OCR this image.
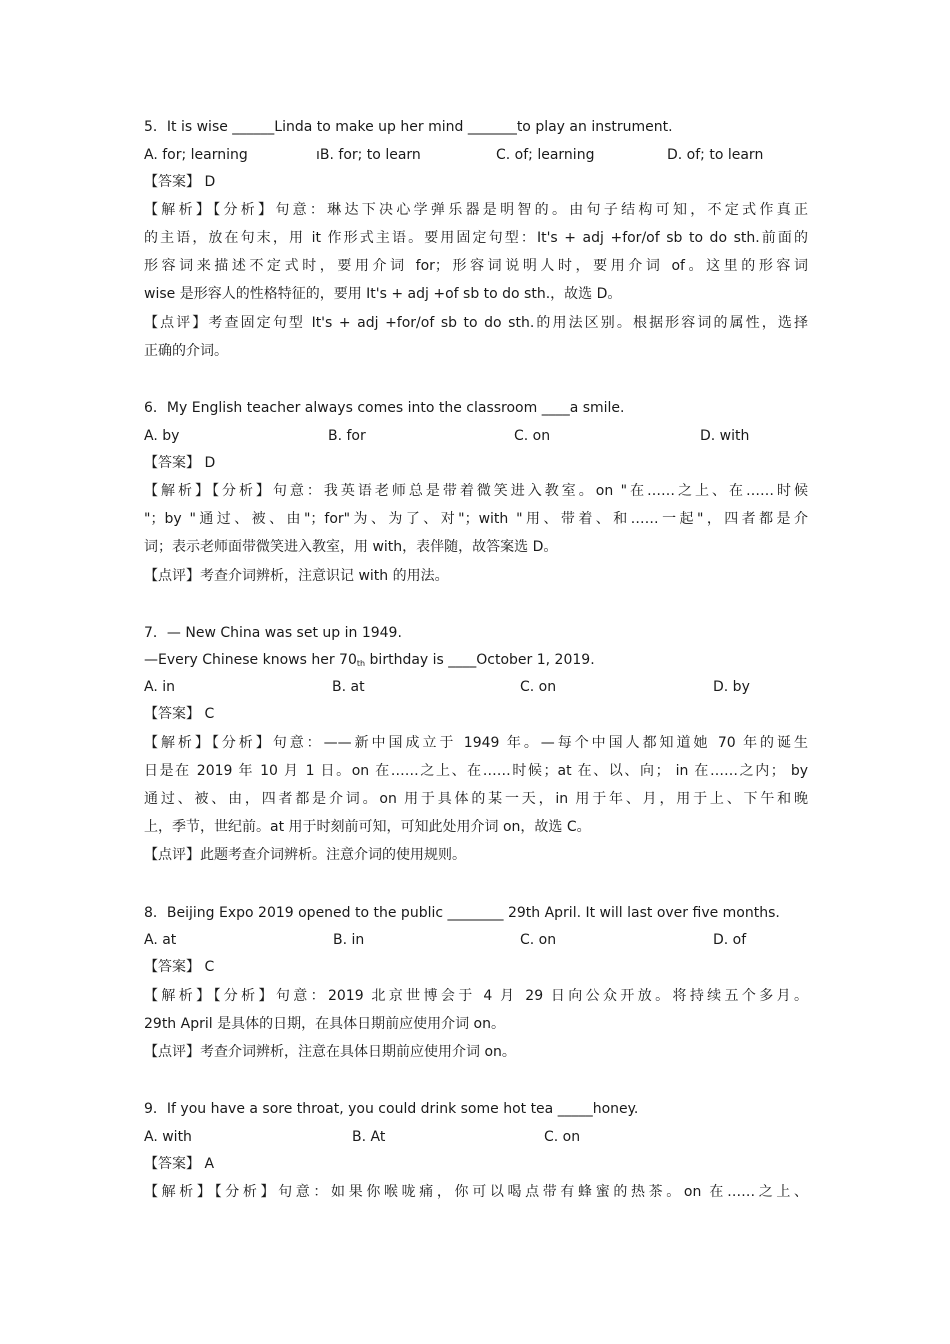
5．It is wise ______Linda to make up her mind _______to play an instrument.
A. for; learning	ıB. for; to learn	C. of; learning	D. of; to learn
【答案】 D
【解析】【分析】句意：琳达下决心学弹乐器是明智的。由句子结构可知，不定式作真正
的主语，放在句末，用 it 作形式主语。要用固定句型：It's + adj +for/of sb to do sth.前面的
形容词来描述不定式时，要用介词 for；形容词说明人时，要用介词 of。这里的形容词
wise 是形容人的性格特征的，要用 It's + adj +of sb to do sth.，故选 D。
【点评】考查固定句型 It's + adj +for/of sb to do sth.的用法区别。根据形容词的属性，选择
正确的介词。
6．My English teacher always comes into the classroom ____a smile.
A. by	B. for	C. on	D. with
【答案】 D
【解析】【分析】句意：我英语老师总是带着微笑进入教室。on "在……之上、在……时候
"；by "通过、被、由"；for"为、为了、对"；with "用、带着、和……一起"，四者都是介
词；表示老师面带微笑进入教室，用 with，表伴随，故答案选 D。
【点评】考查介词辨析，注意识记 with 的用法。
7．— New China was set up in 1949.
—Every Chinese knows her 70th birthday is ____October 1, 2019.
A. in	B. at	C. on	D. by
【答案】 C
【解析】【分析】句意：——新中国成立于 1949 年。—每个中国人都知道她 70 年的诞生
日是在 2019 年 10 月 1 日。on 在……之上、在……时候；at 在、以、向； in 在……之内； by
通过、被、由，四者都是介词。on 用于具体的某一天，in 用于年、月，用于上、下午和晚
上，季节，世纪前。at 用于时刻前可知，可知此处用介词 on，故选 C。
【点评】此题考查介词辨析。注意介词的使用规则。
8．Beijing Expo 2019 opened to the public ________ 29th April. It will last over five months.
A. at	B. in	C. on	D. of
【答案】 C
【解析】【分析】句意：2019 北京世博会于 4 月 29 日向公众开放。将持续五个多月。
29th April 是具体的日期，在具体日期前应使用介词 on。
【点评】考查介词辨析，注意在具体日期前应使用介词 on。
9．If you have a sore throat, you could drink some hot tea _____honey.
A. with	B. At	C. on
【答案】 A
【解析】【分析】句意：如果你喉咙痛，你可以喝点带有蜂蜜的热茶。on 在……之上、
